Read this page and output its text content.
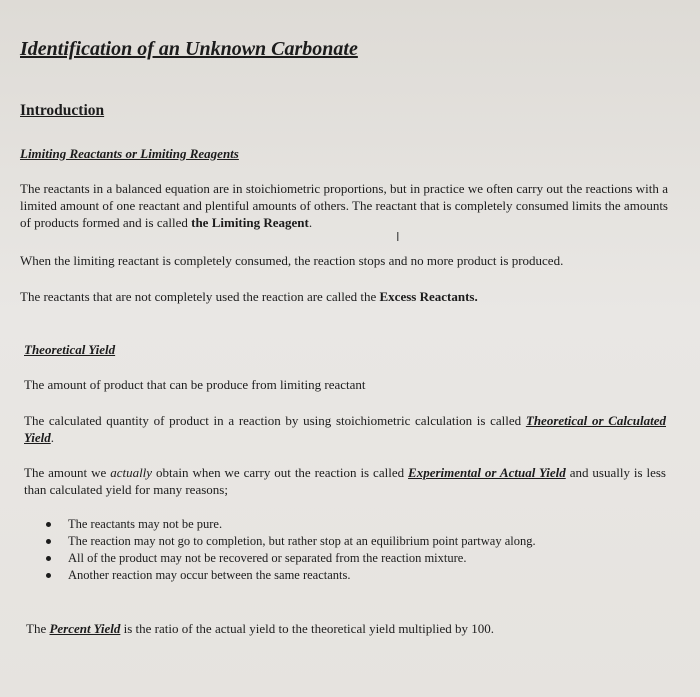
Identification of an Unknown Carbonate
Introduction
Limiting Reactants or Limiting Reagents

The reactants in a balanced equation are in stoichiometric proportions, but in practice we often carry out the reactions with a limited amount of one reactant and plentiful amounts of others. The reactant that is completely consumed limits the amounts of products formed and is called the Limiting Reagent.

I

When the limiting reactant is completely consumed, the reaction stops and no more product is produced.

The reactants that are not completely used the reaction are called the Excess Reactants.

Theoretical Yield

The amount of product that can be produce from limiting reactant

The calculated quantity of product in a reaction by using stoichiometric calculation is called Theoretical or Calculated Yield.

The amount we actually obtain when we carry out the reaction is called Experimental or Actual Yield and usually is less than calculated yield for many reasons;

The reactants may not be pure.
The reaction may not go to completion, but rather stop at an equilibrium point partway along.
All of the product may not be recovered or separated from the reaction mixture.
Another reaction may occur between the same reactants.

The Percent Yield is the ratio of the actual yield to the theoretical yield multiplied by 100.
